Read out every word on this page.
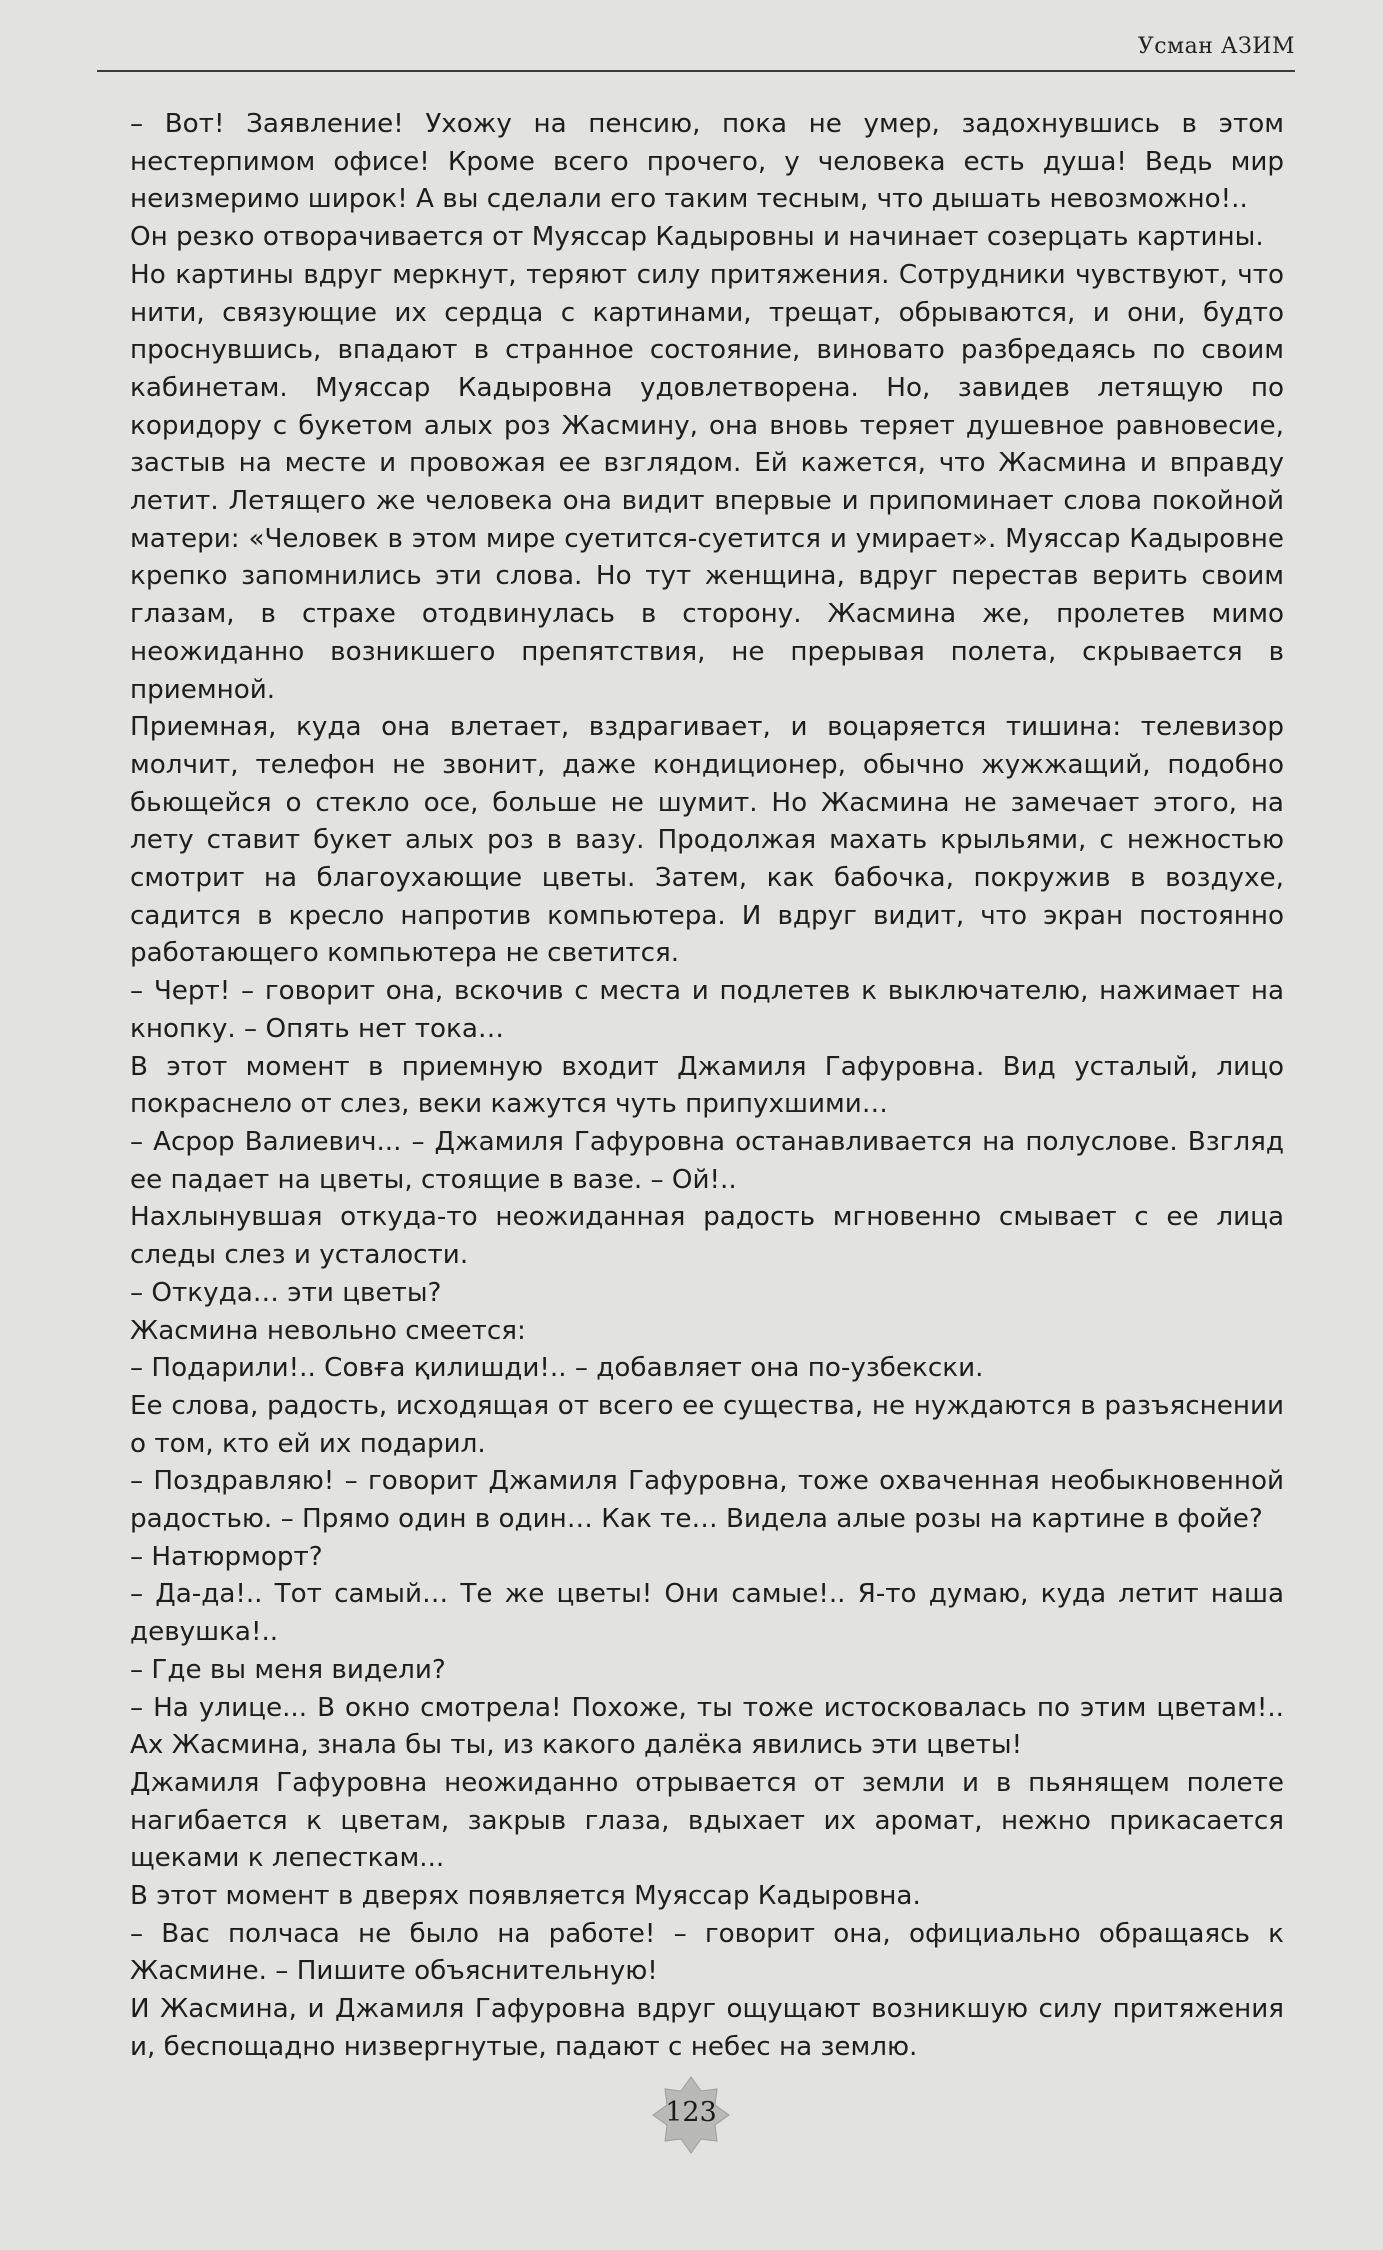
Усман АЗИМ

– Вот! Заявление! Ухожу на пенсию, пока не умер, задохнувшись в этом нестерпимом офисе! Кроме всего прочего, у человека есть душа! Ведь мир неизмеримо широк! А вы сделали его таким тесным, что дышать невозможно!..

Он резко отворачивается от Муяссар Кадыровны и начинает созерцать картины.

Но картины вдруг меркнут, теряют силу притяжения. Сотрудники чувствуют, что нити, связующие их сердца с картинами, трещат, обрываются, и они, будто проснувшись, впадают в странное состояние, виновато разбредаясь по своим кабинетам. Муяссар Кадыровна удовлетворена. Но, завидев летящую по коридору с букетом алых роз Жасмину, она вновь теряет душевное равновесие, застыв на месте и провожая ее взглядом. Ей кажется, что Жасмина и вправду летит. Летящего же человека она видит впервые и припоминает слова покойной матери: «Человек в этом мире суетится-суетится и умирает». Муяссар Кадыровне крепко запомнились эти слова. Но тут женщина, вдруг перестав верить своим глазам, в страхе отодвинулась в сторону. Жасмина же, пролетев мимо неожиданно возникшего препятствия, не прерывая полета, скрывается в приемной.

Приемная, куда она влетает, вздрагивает, и воцаряется тишина: телевизор молчит, телефон не звонит, даже кондиционер, обычно жужжащий, подобно бьющейся о стекло осе, больше не шумит. Но Жасмина не замечает этого, на лету ставит букет алых роз в вазу. Продолжая махать крыльями, с нежностью смотрит на благоухающие цветы. Затем, как бабочка, покружив в воздухе, садится в кресло напротив компьютера. И вдруг видит, что экран постоянно работающего компьютера не светится.

– Черт! – говорит она, вскочив с места и подлетев к выключателю, нажимает на кнопку. – Опять нет тока…

В этот момент в приемную входит Джамиля Гафуровна. Вид усталый, лицо покраснело от слез, веки кажутся чуть припухшими…

– Асрор Валиевич... – Джамиля Гафуровна останавливается на полуслове. Взгляд ее падает на цветы, стоящие в вазе. – Ой!..

Нахлынувшая откуда-то неожиданная радость мгновенно смывает с ее лица следы слез и усталости.

– Откуда… эти цветы?

Жасмина невольно смеется:

– Подарили!.. Совға қилишди!.. – добавляет она по-узбекски.

Ее слова, радость, исходящая от всего ее существа, не нуждаются в разъяснении о том, кто ей их подарил.

– Поздравляю! – говорит Джамиля Гафуровна, тоже охваченная необыкновенной радостью. – Прямо один в один… Как те… Видела алые розы на картине в фойе?

– Натюрморт?

– Да-да!.. Тот самый… Те же цветы! Они самые!.. Я-то думаю, куда летит наша девушка!..

– Где вы меня видели?

– На улице... В окно смотрела! Похоже, ты тоже истосковалась по этим цветам!.. Ах Жасмина, знала бы ты, из какого далёка явились эти цветы!

Джамиля Гафуровна неожиданно отрывается от земли и в пьянящем полете нагибается к цветам, закрыв глаза, вдыхает их аромат, нежно прикасается щеками к лепесткам...

В этот момент в дверях появляется Муяссар Кадыровна.

– Вас полчаса не было на работе! – говорит она, официально обращаясь к Жасмине. – Пишите объяснительную!

И Жасмина, и Джамиля Гафуровна вдруг ощущают возникшую силу притяжения и, беспощадно низвергнутые, падают с небес на землю.

123
